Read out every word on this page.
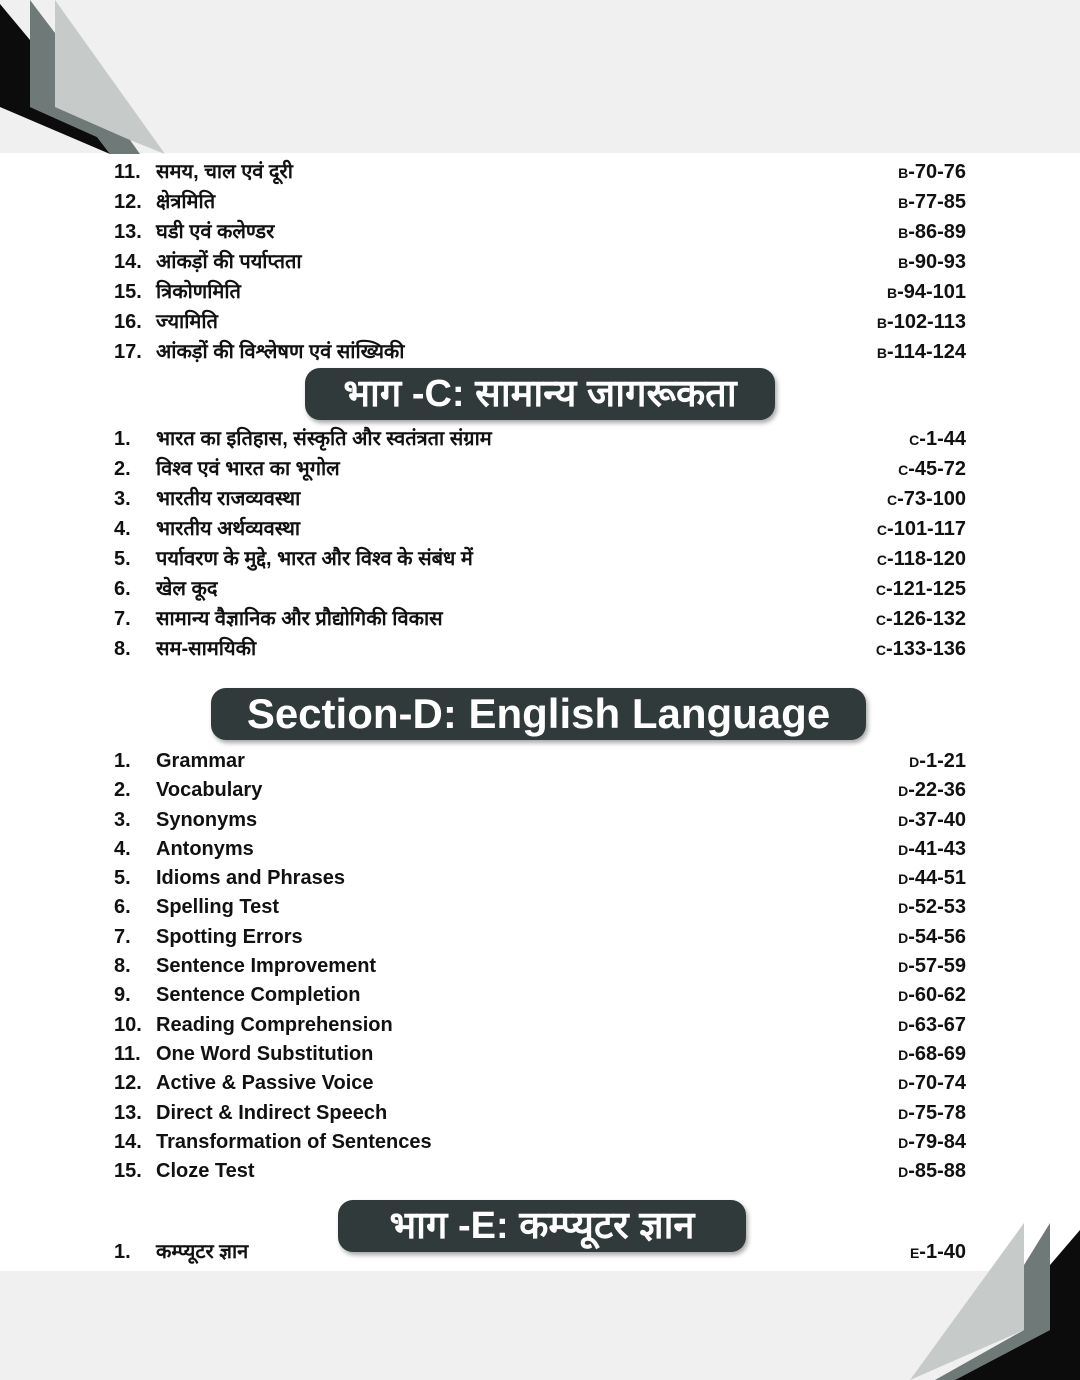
11. समय, चाल एवं दूरी	B-70-76
12. क्षेत्रमिति	B-77-85
13. घडी एवं कलेण्डर	B-86-89
14. आंकड़ों की पर्याप्तता	B-90-93
15. त्रिकोणमिति	B-94-101
16. ज्यामिति	B-102-113
17. आंकड़ों की विश्लेषण एवं सांख्यिकी	B-114-124
भाग -C: सामान्य जागरूकता
1. भारत का इतिहास, संस्कृति और स्वतंत्रता संग्राम	C-1-44
2. विश्व एवं भारत का भूगोल	C-45-72
3. भारतीय राजव्यवस्था	C-73-100
4. भारतीय अर्थव्यवस्था	C-101-117
5. पर्यावरण के मुद्दे, भारत और विश्व के संबंध में	C-118-120
6. खेल कूद	C-121-125
7. सामान्य वैज्ञानिक और प्रौद्योगिकी विकास	C-126-132
8. सम-सामयिकी	C-133-136
Section-D: English Language
1. Grammar	D-1-21
2. Vocabulary	D-22-36
3. Synonyms	D-37-40
4. Antonyms	D-41-43
5. Idioms and Phrases	D-44-51
6. Spelling Test	D-52-53
7. Spotting Errors	D-54-56
8. Sentence Improvement	D-57-59
9. Sentence Completion	D-60-62
10. Reading Comprehension	D-63-67
11. One Word Substitution	D-68-69
12. Active & Passive Voice	D-70-74
13. Direct & Indirect Speech	D-75-78
14. Transformation of Sentences	D-79-84
15. Cloze Test	D-85-88
भाग -E: कम्प्यूटर ज्ञान
1. कम्प्यूटर ज्ञान	E-1-40
